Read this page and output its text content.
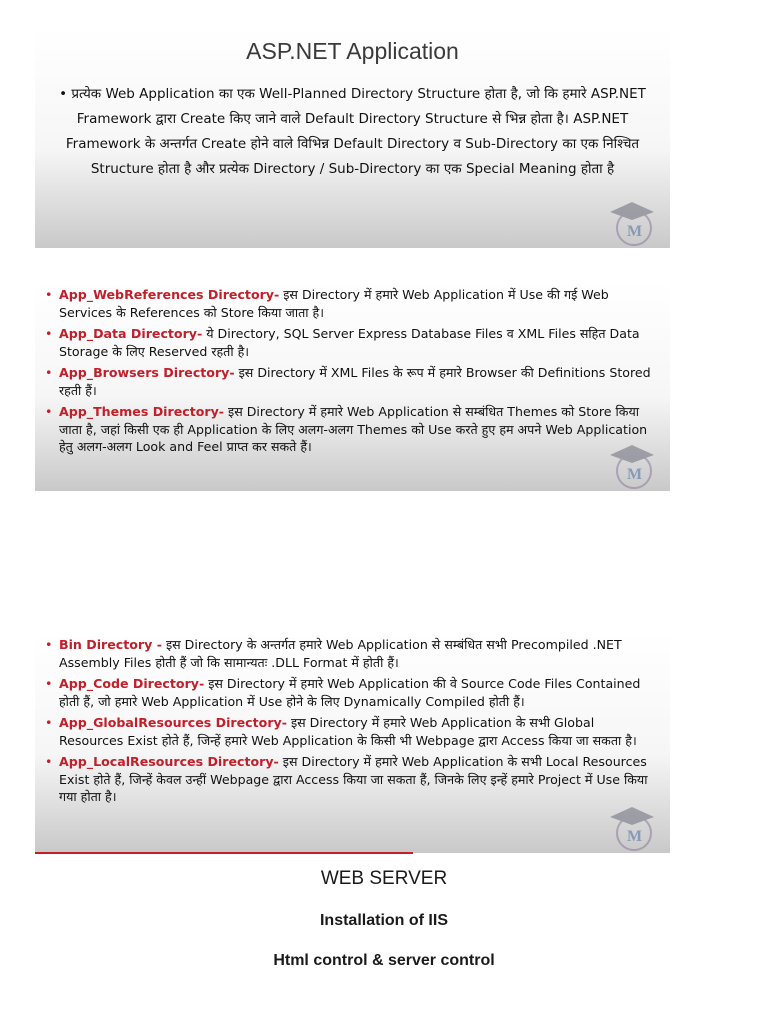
ASP.NET Application
• प्रत्येक Web Application का एक Well-Planned Directory Structure होता है, जो कि हमारे ASP.NET Framework द्वारा Create किए जाने वाले Default Directory Structure से भिन्न होता है। ASP.NET Framework के अन्तर्गत Create होने वाले विभिन्न Default Directory व Sub-Directory का एक निश्चित Structure होता है और प्रत्येक Directory / Sub-Directory का एक Special Meaning होता है
M
• App_WebReferences Directory- इस Directory में हमारे Web Application में Use की गई Web Services के References को Store किया जाता है।
• App_Data Directory- ये Directory, SQL Server Express Database Files व XML Files सहित Data Storage के लिए Reserved रहती है।
• App_Browsers Directory- इस Directory में XML Files के रूप में हमारे Browser की Definitions Stored रहती हैं।
• App_Themes Directory- इस Directory में हमारे Web Application से सम्बंधित Themes को Store किया जाता है, जहां किसी एक ही Application के लिए अलग-अलग Themes को Use करते हुए हम अपने Web Application हेतु अलग-अलग Look and Feel प्राप्त कर सकते हैं।
M
• Bin Directory - इस Directory के अन्तर्गत हमारे Web Application से सम्बंधित सभी Precompiled .NET Assembly Files होती हैं जो कि सामान्यतः .DLL Format में होती हैं।
• App_Code Directory- इस Directory में हमारे Web Application की वे Source Code Files Contained होती हैं, जो हमारे Web Application में Use होने के लिए Dynamically Compiled होती हैं।
• App_GlobalResources Directory- इस Directory में हमारे Web Application के सभी Global Resources Exist होते हैं, जिन्हें हमारे Web Application के किसी भी Webpage द्वारा Access किया जा सकता है।
• App_LocalResources Directory- इस Directory में हमारे Web Application के सभी Local Resources Exist होते हैं, जिन्हें केवल उन्हीं Webpage द्वारा Access किया जा सकता हैं, जिनके लिए इन्हें हमारे Project में Use किया गया होता है।
M
WEB SERVER
Installation of IIS
Html control & server control
